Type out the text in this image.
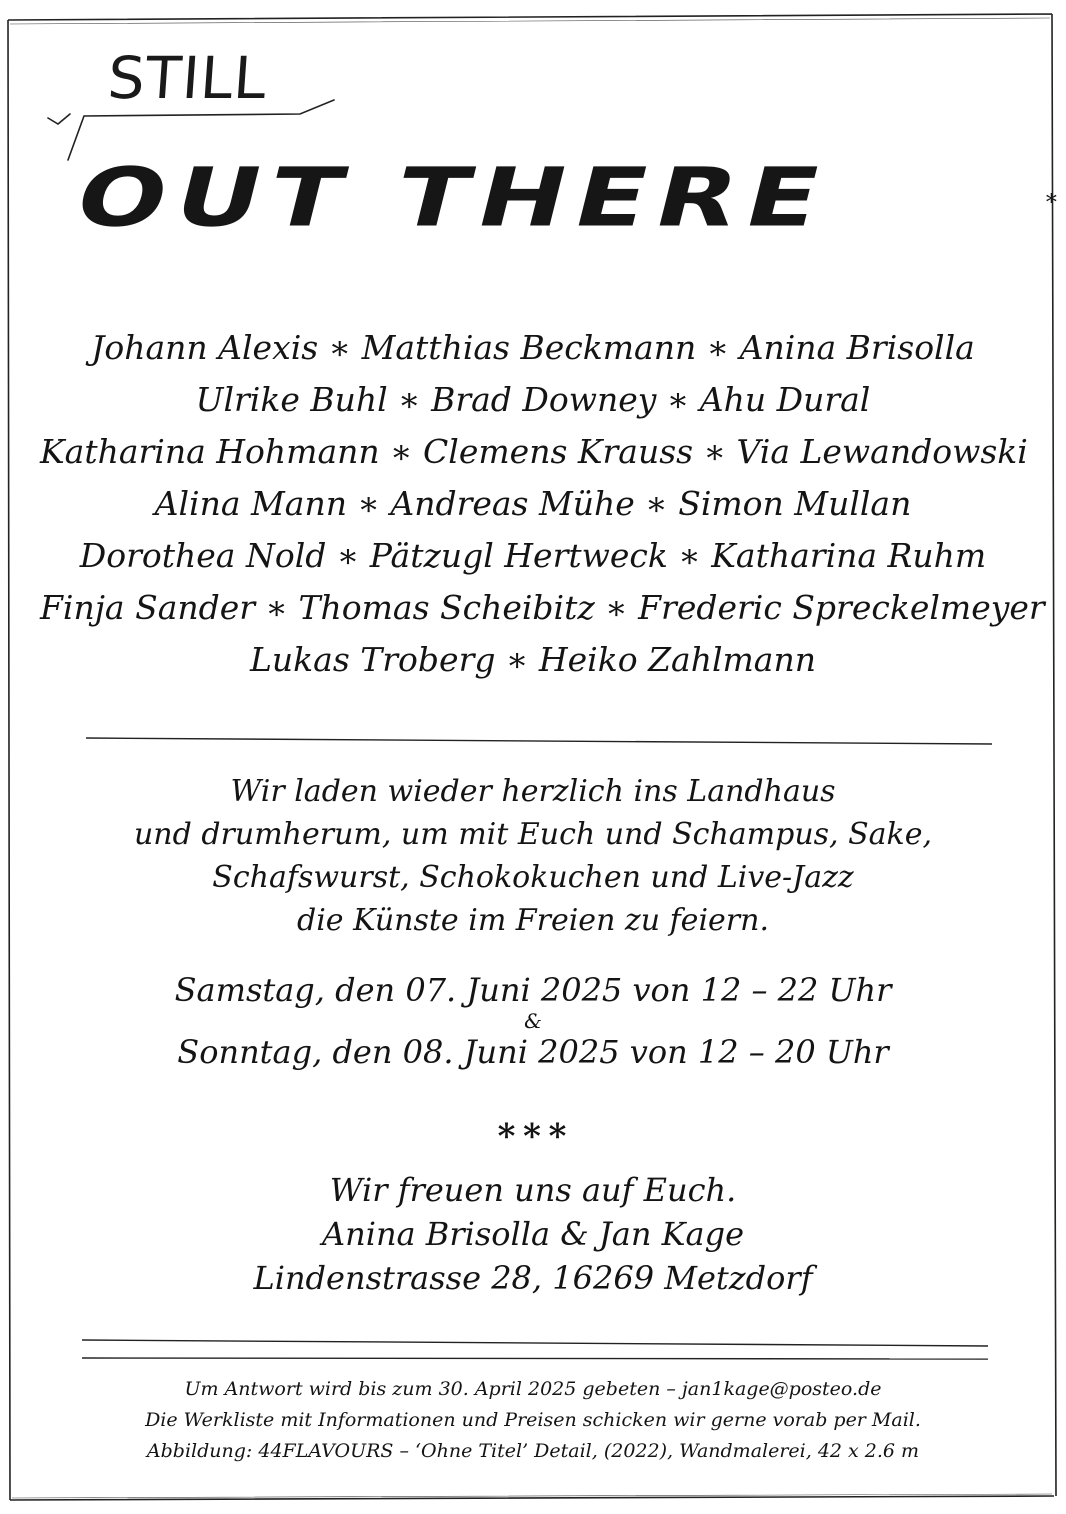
STILL
OUT THERE	∗
Johann Alexis ∗ Matthias Beckmann ∗ Anina Brisolla
Ulrike Buhl ∗ Brad Downey ∗ Ahu Dural
Katharina Hohmann ∗ Clemens Krauss ∗ Via Lewandowski
Alina Mann ∗ Andreas Mühe ∗ Simon Mullan
Dorothea Nold ∗ Pätzugl Hertweck ∗ Katharina Ruhm
Finja Sander ∗ Thomas Scheibitz ∗ Frederic Spreckelmeyer
Lukas Troberg ∗ Heiko Zahlmann
Wir laden wieder herzlich ins Landhaus
und drumherum, um mit Euch und Schampus, Sake,
Schafswurst, Schokokuchen und Live-Jazz
die Künste im Freien zu feiern.
Samstag, den 07. Juni 2025 von 12 – 22 Uhr
&
Sonntag, den 08. Juni 2025 von 12 – 20 Uhr
∗∗∗
Wir freuen uns auf Euch.
Anina Brisolla & Jan Kage
Lindenstrasse 28, 16269 Metzdorf
Um Antwort wird bis zum 30. April 2025 gebeten – jan1kage@posteo.de
Die Werkliste mit Informationen und Preisen schicken wir gerne vorab per Mail.
Abbildung: 44FLAVOURS – ‘Ohne Titel’ Detail, (2022), Wandmalerei, 42 x 2.6 m
